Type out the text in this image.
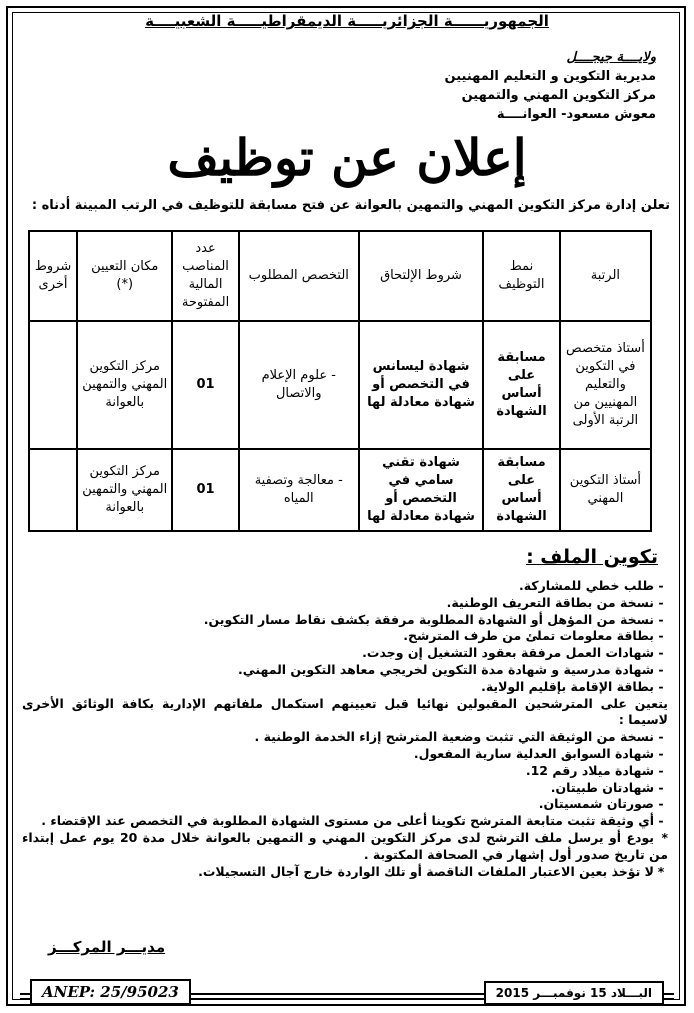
الجمهوريــــــة الجزائريـــــة الديمقراطيـــــة الشعبيــــة
ولايــــة جيجــــل
مديرية التكوين و التعليم المهنيين
مركز التكوين المهني والتمهين
معوش مسعود- العوانــــة
إعلان عن توظيف
تعلن إدارة مركز التكوين المهني والتمهين بالعوانة عن فتح مسابقة للتوظيف في الرتب المبينة أدناه :
الرتبة	نمط التوظيف	شروط الإلتحاق	التخصص المطلوب	عدد المناصب المالية المفتوحة	مكان التعيين (*)	شروط أخرى
أستاذ متخصص في التكوين والتعليم المهنيين من الرتبة الأولى	مسابقة على أساس الشهادة	شهادة ليسانس في التخصص أو شهادة معادلة لها	- علوم الإعلام والاتصال	01	مركز التكوين المهني والتمهين بالعوانة	
أستاذ التكوين المهني	مسابقة على أساس الشهادة	شهادة تقني سامي في التخصص أو شهادة معادلة لها	- معالجة وتصفية المياه	01	مركز التكوين المهني والتمهين بالعوانة	
تكوين الملف :
-طلب خطي للمشاركة.
-نسخة من بطاقة التعريف الوطنية.
-نسخة من المؤهل أو الشهادة المطلوبة مرفقة بكشف نقاط مسار التكوين.
-بطاقة معلومات تملئ من طرف المترشح.
-شهادات العمل مرفقة بعقود التشغيل إن وجدت.
-شهادة مدرسية و شهادة مدة التكوين لخريجي معاهد التكوين المهني.
-بطاقة الإقامة بإقليم الولاية.
يتعين على المترشحين المقبولين نهائيا قبل تعيينهم استكمال ملفاتهم الإدارية بكافة الوثائق الأخرى لاسيما :
-نسخة من الوثيقة التي تثبت وضعية المترشح إزاء الخدمة الوطنية .
-شهادة السوابق العدلية سارية المفعول.
-شهادة ميلاد رقم 12.
-شهادتان طبيتان.
-صورتان شمسيتان.
-أي وثيقة تثبت متابعة المترشح تكوينا أعلى من مستوى الشهادة المطلوبة في التخصص عند الإقتضاء .
*يودع أو يرسل ملف الترشح لدى مركز التكوين المهني و التمهين بالعوانة خلال مدة 20 يوم عمل إبتداء من تاريخ صدور أول إشهار في الصحافة المكتوبة .
*لا تؤخذ بعين الاعتبار الملفات الناقصة أو تلك الواردة خارج آجال التسجيلات.
مديـــر المركـــز
ANEP: 25/95023	البـــلاد 15 نوفمبـــر 2015
